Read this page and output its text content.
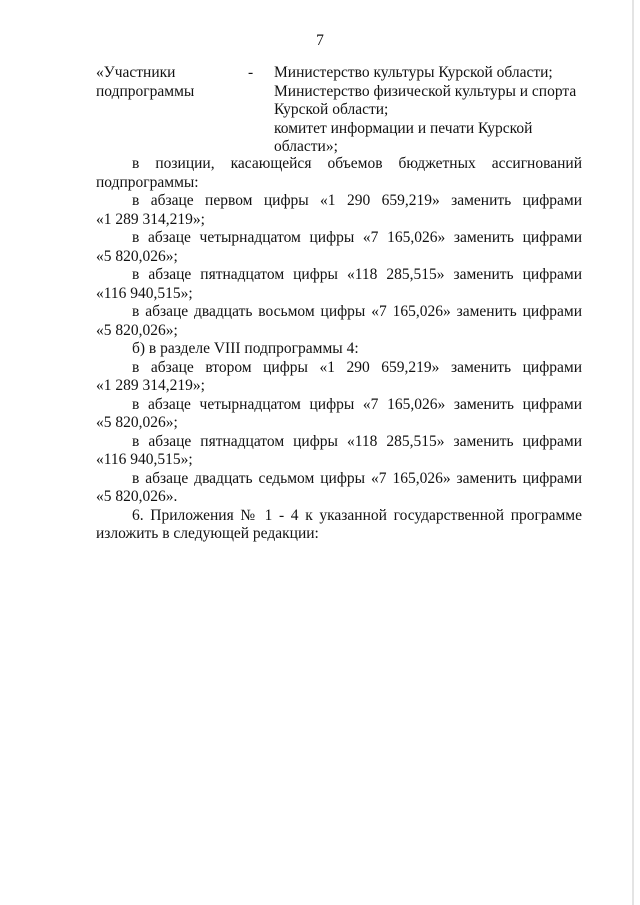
7
«Участники
подпрограммы
- Министерство культуры Курской области;
Министерство физической культуры и спорта
Курской области;
комитет информации и печати Курской
области»;
в позиции, касающейся объемов бюджетных ассигнований
подпрограммы:
в абзаце первом цифры «1 290 659,219» заменить цифрами
«1 289 314,219»;
в абзаце четырнадцатом цифры «7 165,026» заменить цифрами
«5 820,026»;
в абзаце пятнадцатом цифры «118 285,515» заменить цифрами
«116 940,515»;
в абзаце двадцать восьмом цифры «7 165,026» заменить цифрами
«5 820,026»;
б) в разделе VIII подпрограммы 4:
в абзаце втором цифры «1 290 659,219» заменить цифрами
«1 289 314,219»;
в абзаце четырнадцатом цифры «7 165,026» заменить цифрами
«5 820,026»;
в абзаце пятнадцатом цифры «118 285,515» заменить цифрами
«116 940,515»;
в абзаце двадцать седьмом цифры «7 165,026» заменить цифрами
«5 820,026».
6. Приложения № 1 - 4 к указанной государственной программе
изложить в следующей редакции:
